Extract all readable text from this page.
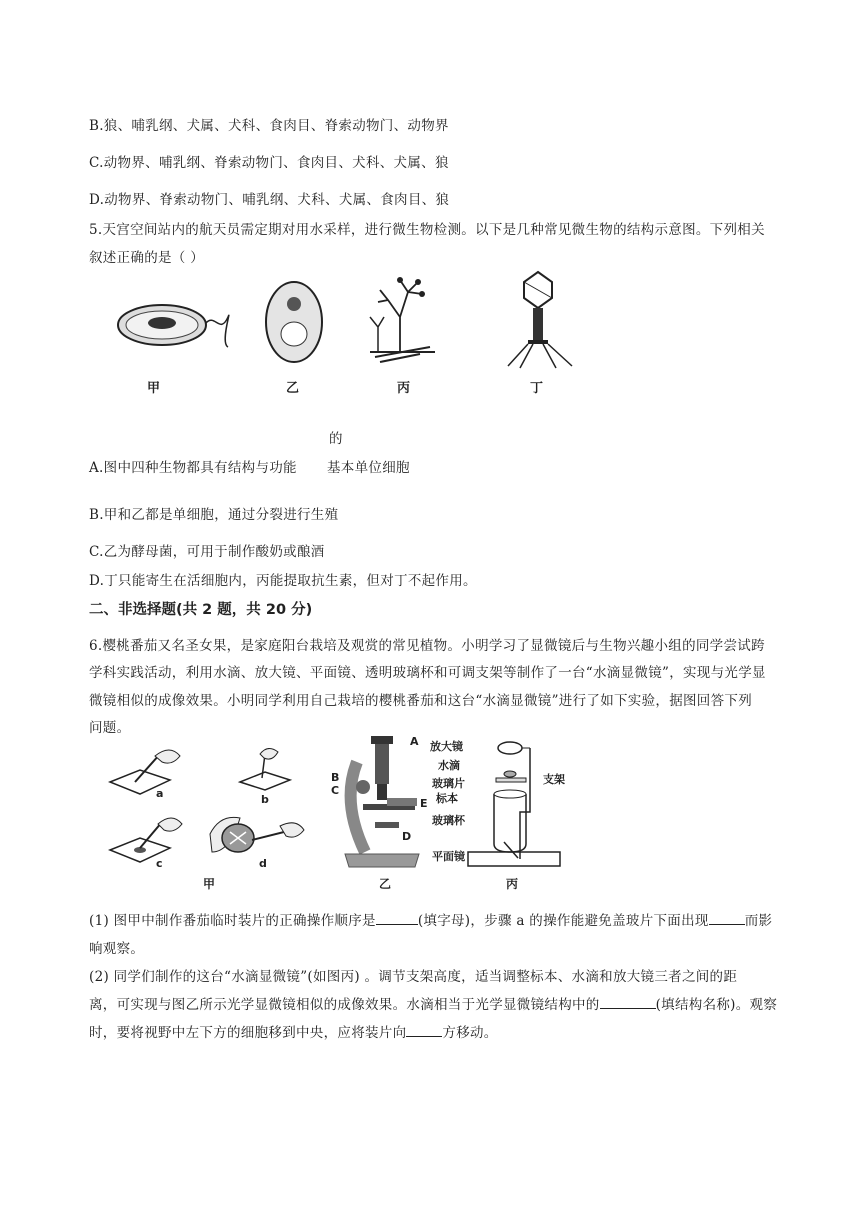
B.狼、哺乳纲、犬属、犬科、食肉目、脊索动物门、动物界
C.动物界、哺乳纲、脊索动物门、食肉目、犬科、犬属、狼
D.动物界、脊索动物门、哺乳纲、犬科、犬属、食肉目、狼
5.天宫空间站内的航天员需定期对用水采样，进行微生物检测。以下是几种常见微生物的结构示意图。下列相关
叙述正确的是（ ）
甲	乙	丙	丁
的
A.图中四种生物都具有结构与功能 基本单位细胞
B.甲和乙都是单细胞，通过分裂进行生殖
C.乙为酵母菌，可用于制作酸奶或酿酒
D.丁只能寄生在活细胞内，丙能提取抗生素，但对丁不起作用。
二、非选择题(共 2 题，共 20 分)
6.樱桃番茄又名圣女果，是家庭阳台栽培及观赏的常见植物。小明学习了显微镜后与生物兴趣小组的同学尝试跨
学科实践活动，利用水滴、放大镜、平面镜、透明玻璃杯和可调支架等制作了一台“水滴显微镜”，实现与光学显
微镜相似的成像效果。小明同学利用自己栽培的樱桃番茄和这台“水滴显微镜”进行了如下实验，据图回答下列
问题。
a	b
c	d
甲
A
B
C
D
E
乙
放大镜
水滴
玻璃片
标本
玻璃杯
平面镜
支架
丙
(1) 图甲中制作番茄临时装片的正确操作顺序是	(填字母)，步骤 a 的操作能避免盖玻片下面出现	而影
响观察。
(2) 同学们制作的这台“水滴显微镜”(如图丙) 。调节支架高度，适当调整标本、水滴和放大镜三者之间的距
离，可实现与图乙所示光学显微镜相似的成像效果。水滴相当于光学显微镜结构中的	(填结构名称)。观察
时，要将视野中左下方的细胞移到中央，应将装片向	方移动。
